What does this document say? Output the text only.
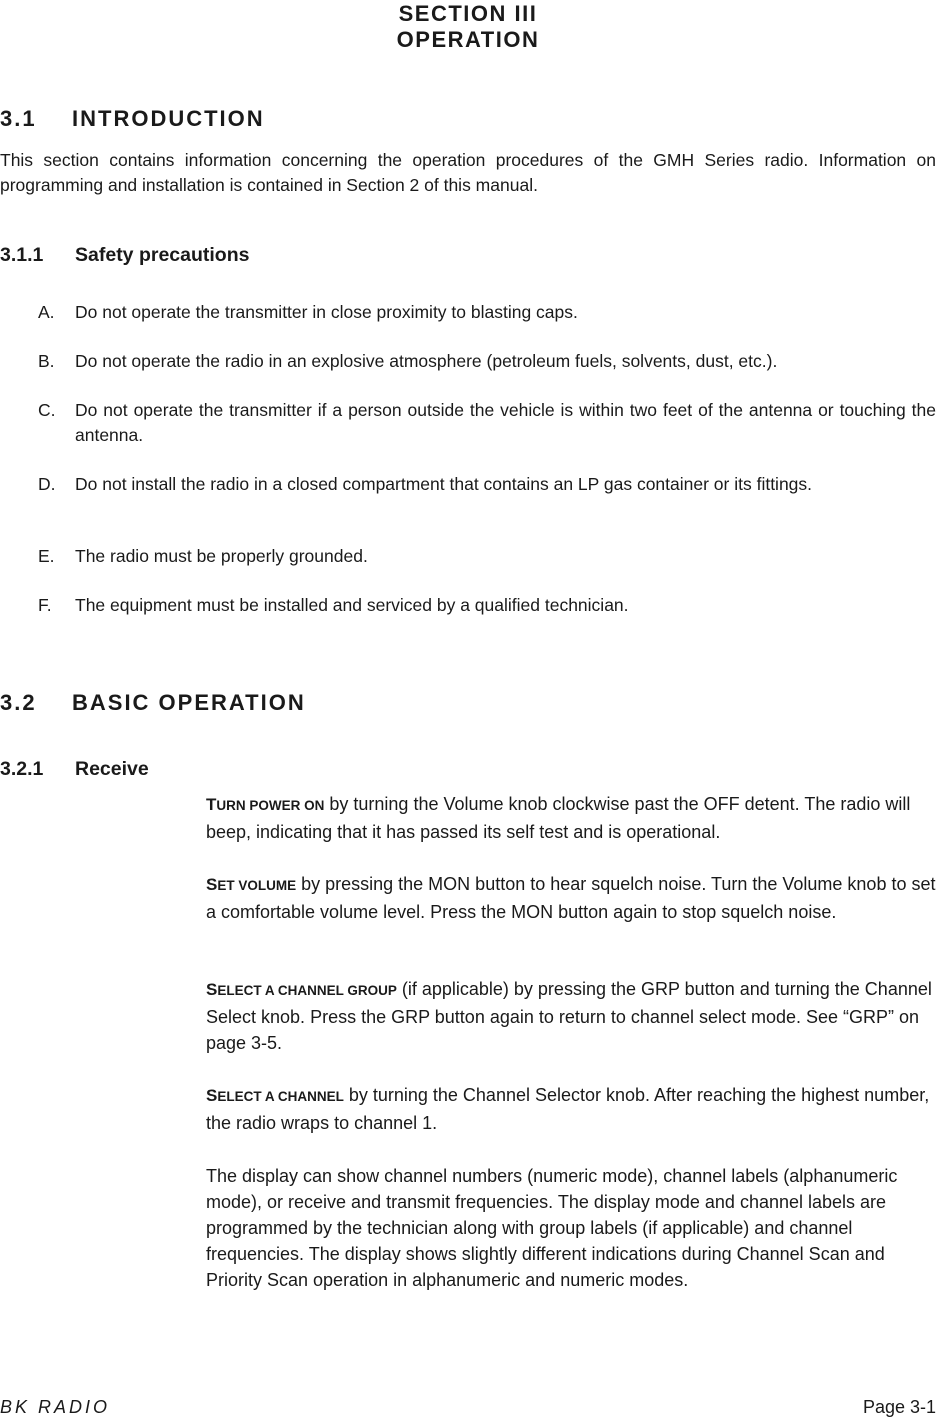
SECTION III
OPERATION
3.1 INTRODUCTION
This section contains information concerning the operation procedures of the GMH Series radio. Information on programming and installation is contained in Section 2 of this manual.
3.1.1 Safety precautions
A.	Do not operate the transmitter in close proximity to blasting caps.
B.	Do not operate the radio in an explosive atmosphere (petroleum fuels, solvents, dust, etc.).
C.	Do not operate the transmitter if a person outside the vehicle is within two feet of the antenna or touching the antenna.
D.	Do not install the radio in a closed compartment that contains an LP gas container or its fittings.
E.	The radio must be properly grounded.
F.	The equipment must be installed and serviced by a qualified technician.
3.2 BASIC OPERATION
3.2.1 Receive
TURN POWER ON by turning the Volume knob clockwise past the OFF detent. The radio will beep, indicating that it has passed its self test and is operational.
SET VOLUME by pressing the MON button to hear squelch noise. Turn the Volume knob to set a comfortable volume level. Press the MON button again to stop squelch noise.
SELECT A CHANNEL GROUP (if applicable) by pressing the GRP button and turning the Channel Select knob. Press the GRP button again to return to channel select mode. See “GRP” on page 3-5.
SELECT A CHANNEL by turning the Channel Selector knob. After reaching the highest number, the radio wraps to channel 1.
The display can show channel numbers (numeric mode), channel labels (alphanumeric mode), or receive and transmit frequencies. The display mode and channel labels are programmed by the technician along with group labels (if applicable) and channel frequencies. The display shows slightly different indications during Channel Scan and Priority Scan operation in alphanumeric and numeric modes.
BK RADIO	Page 3-1
